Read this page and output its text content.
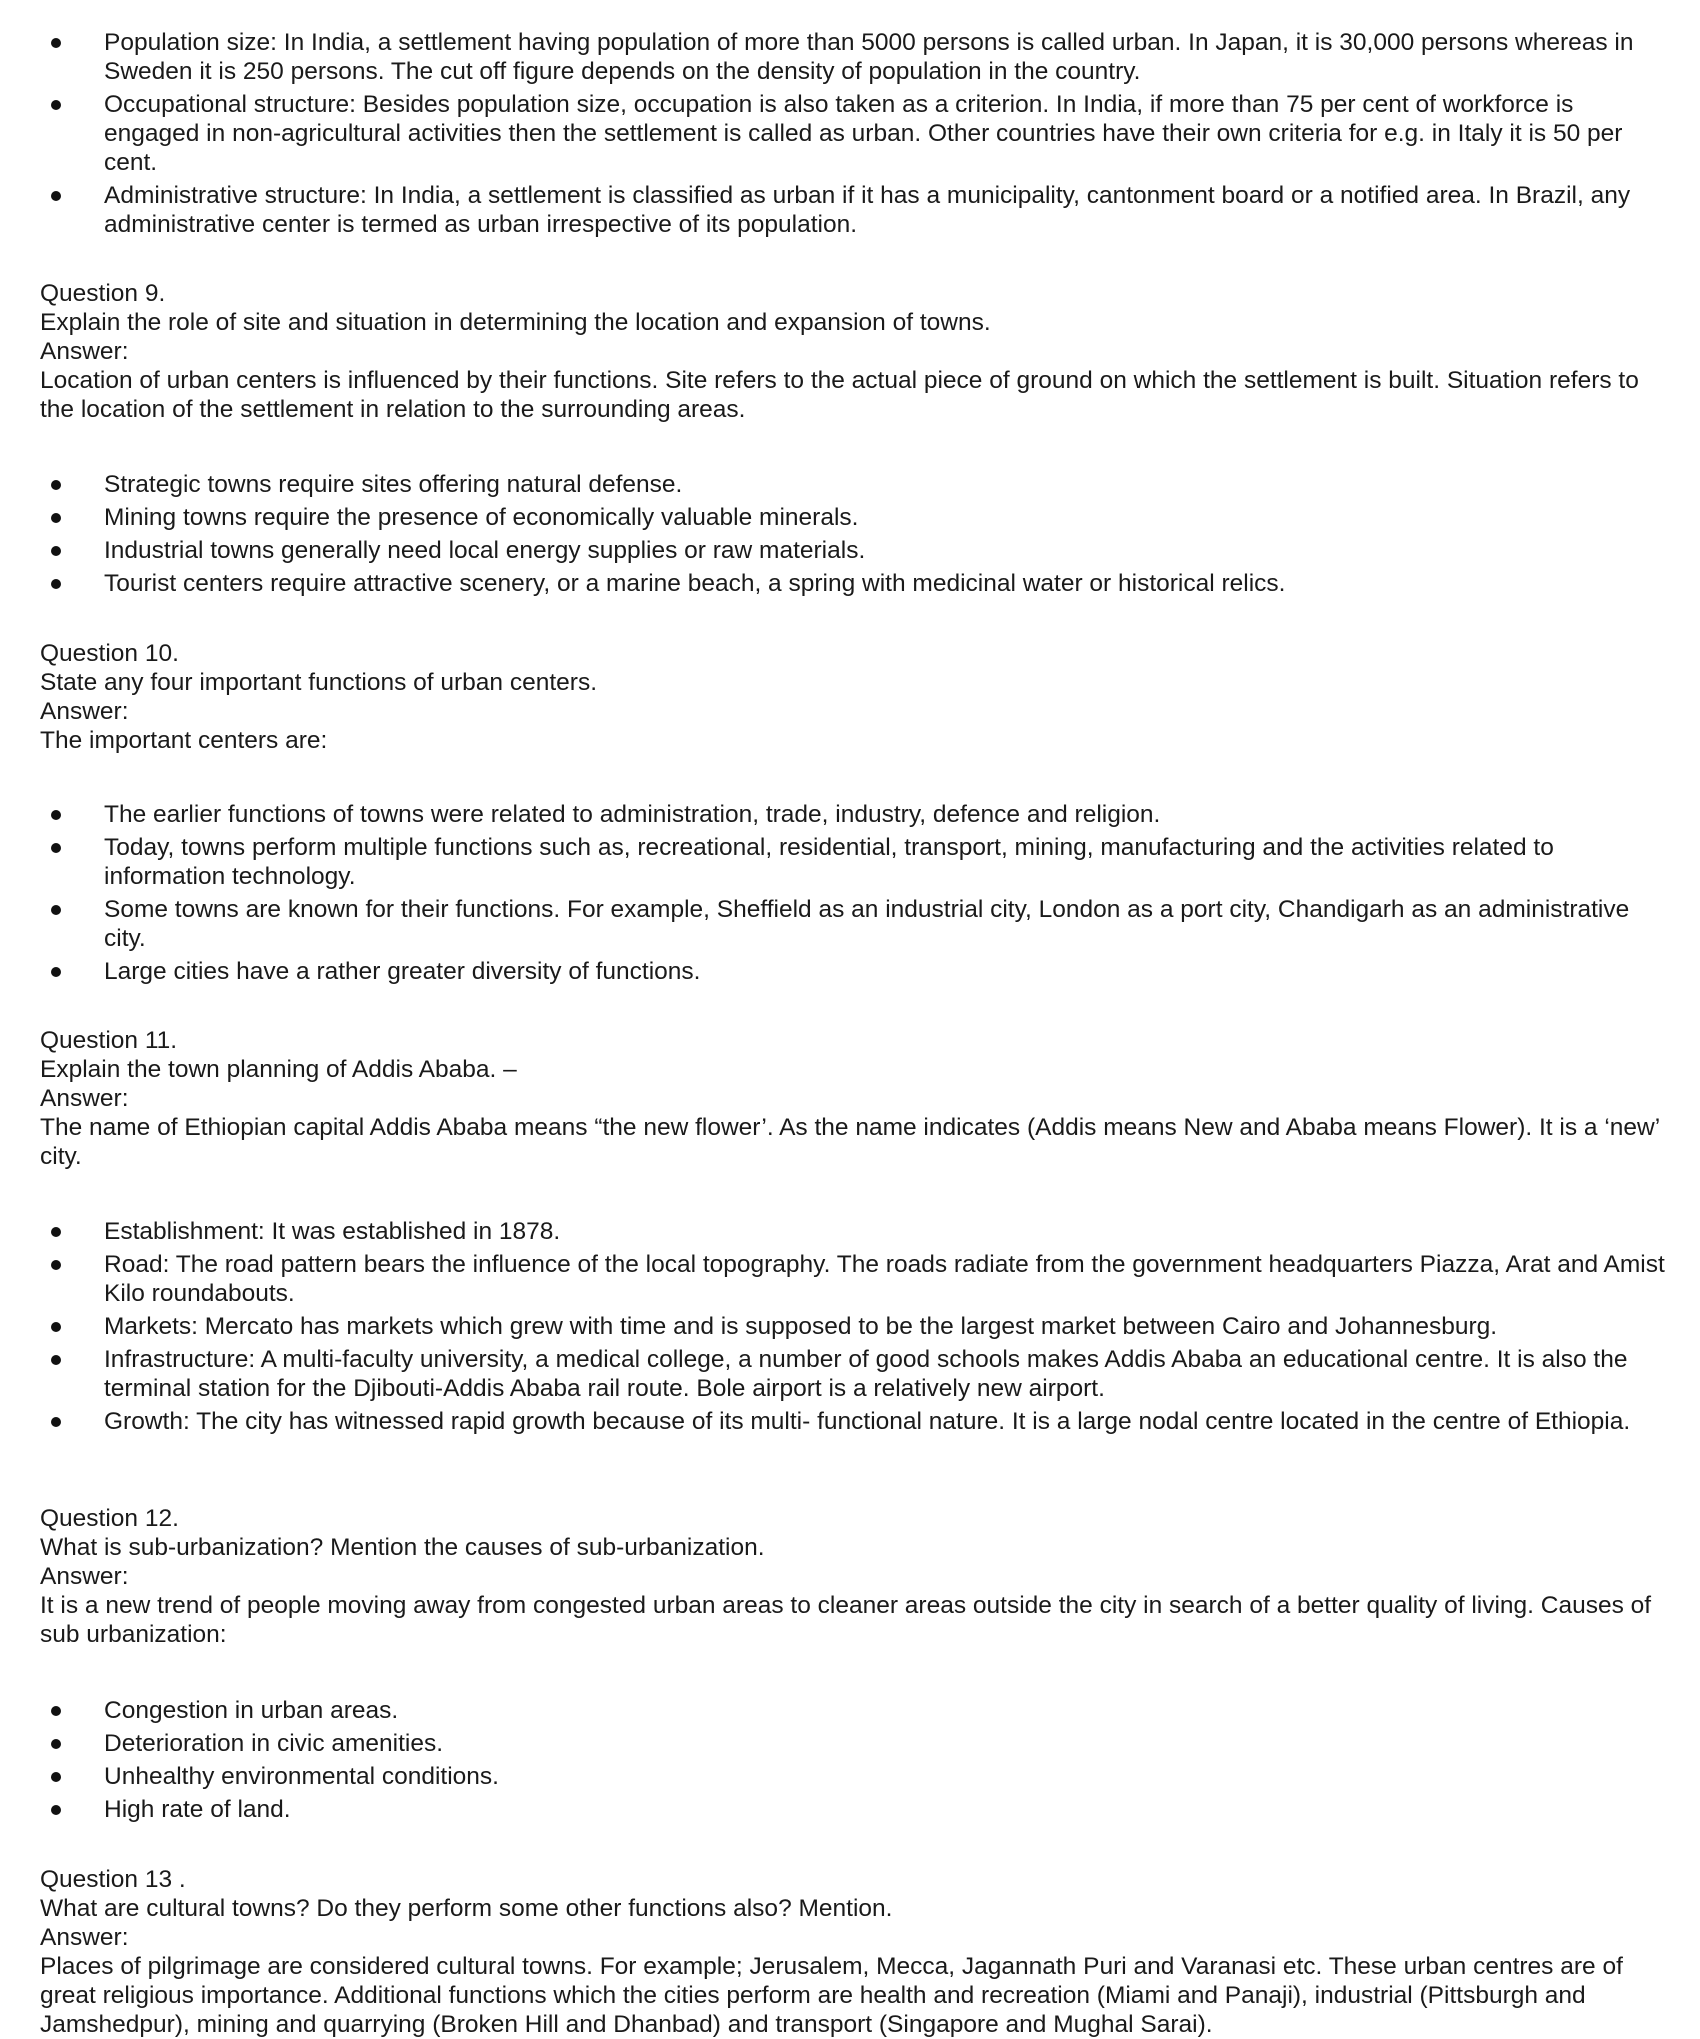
Population size: In India, a settlement having population of more than 5000 persons is called urban. In Japan, it is 30,000 persons whereas in Sweden it is 250 persons. The cut off figure depends on the density of population in the country.
Occupational structure: Besides population size, occupation is also taken as a criterion. In India, if more than 75 per cent of workforce is engaged in non-agricultural activities then the settlement is called as urban. Other countries have their own criteria for e.g. in Italy it is 50 per cent.
Administrative structure: In India, a settlement is classified as urban if it has a municipality, cantonment board or a notified area. In Brazil, any administrative center is termed as urban irrespective of its population.

Question 9.

Explain the role of site and situation in determining the location and expansion of towns.

Answer:

Location of urban centers is influenced by their functions. Site refers to the actual piece of ground on which the settlement is built. Situation refers to the location of the settlement in relation to the surrounding areas.

Strategic towns require sites offering natural defense.
Mining towns require the presence of economically valuable minerals.
Industrial towns generally need local energy supplies or raw materials.
Tourist centers require attractive scenery, or a marine beach, a spring with medicinal water or historical relics.

Question 10.

State any four important functions of urban centers.

Answer:

The important centers are:

The earlier functions of towns were related to administration, trade, industry, defence and religion.
Today, towns perform multiple functions such as, recreational, residential, transport, mining, manufacturing and the activities related to information technology.
Some towns are known for their functions. For example, Sheffield as an industrial city, London as a port city, Chandigarh as an administrative city.
Large cities have a rather greater diversity of functions.

Question 11.

Explain the town planning of Addis Ababa. –

Answer:

The name of Ethiopian capital Addis Ababa means “the new flower’. As the name indicates (Addis means New and Ababa means Flower). It is a ‘new’ city.

Establishment: It was established in 1878.
Road: The road pattern bears the influence of the local topography. The roads radiate from the government headquarters Piazza, Arat and Amist Kilo roundabouts.
Markets: Mercato has markets which grew with time and is supposed to be the largest market between Cairo and Johannesburg.
Infrastructure: A multi-faculty university, a medical college, a number of good schools makes Addis Ababa an educational centre. It is also the terminal station for the Djibouti-Addis Ababa rail route. Bole airport is a relatively new airport.
Growth: The city has witnessed rapid growth because of its multi- functional nature. It is a large nodal centre located in the centre of Ethiopia.

Question 12.

What is sub-urbanization? Mention the causes of sub-urbanization.

Answer:

It is a new trend of people moving away from congested urban areas to cleaner areas outside the city in search of a better quality of living. Causes of sub urbanization:

Congestion in urban areas.
Deterioration in civic amenities.
Unhealthy environmental conditions.
High rate of land.

Question 13 .

What are cultural towns? Do they perform some other functions also? Mention.

Answer:

Places of pilgrimage are considered cultural towns. For example; Jerusalem, Mecca, Jagannath Puri and Varanasi etc. These urban centres are of great religious importance. Additional functions which the cities perform are health and recreation (Miami and Panaji), industrial (Pittsburgh and Jamshedpur), mining and quarrying (Broken Hill and Dhanbad) and transport (Singapore and Mughal Sarai).
